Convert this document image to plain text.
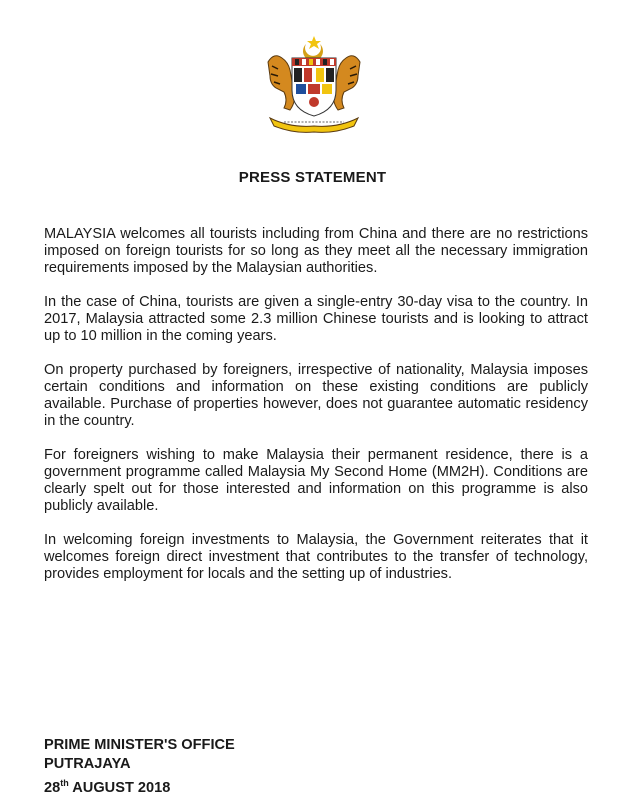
PRESS STATEMENT

MALAYSIA welcomes all tourists including from China and there are no restrictions imposed on foreign tourists for so long as they meet all the necessary immigration requirements imposed by the Malaysian authorities.

In the case of China, tourists are given a single-entry 30-day visa to the country. In 2017, Malaysia attracted some 2.3 million Chinese tourists and is looking to attract up to 10 million in the coming years.

On property purchased by foreigners, irrespective of nationality, Malaysia imposes certain conditions and information on these existing conditions are publicly available. Purchase of properties however, does not guarantee automatic residency in the country.

For foreigners wishing to make Malaysia their permanent residence, there is a government programme called Malaysia My Second Home (MM2H). Conditions are clearly spelt out for those interested and information on this programme is also publicly available.

In welcoming foreign investments to Malaysia, the Government reiterates that it welcomes foreign direct investment that contributes to the transfer of technology, provides employment for locals and the setting up of industries.

PRIME MINISTER'S OFFICE
PUTRAJAYA
28th AUGUST 2018
